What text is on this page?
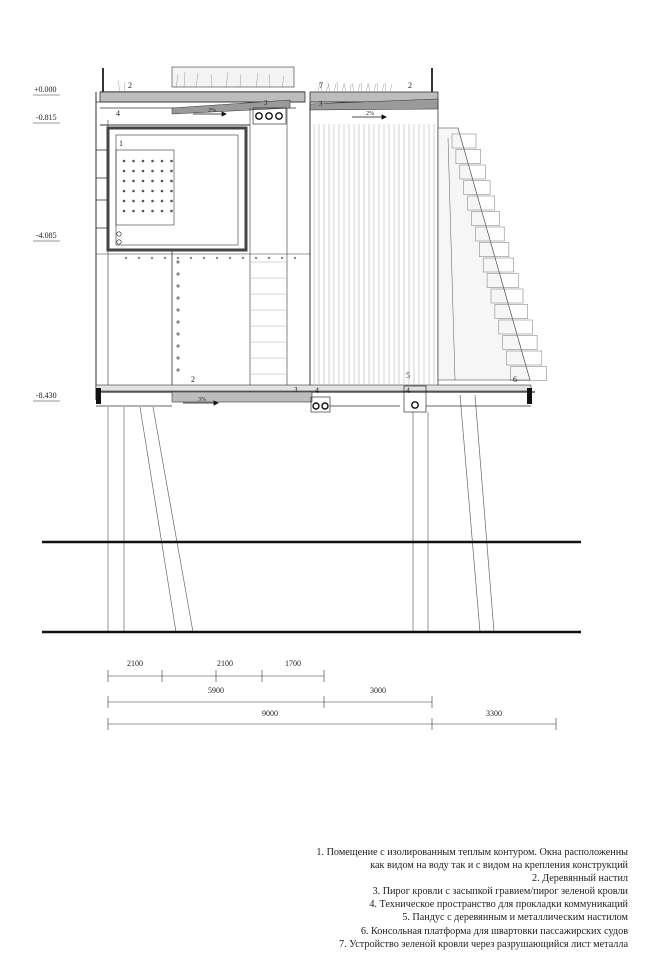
+0.000
-0.815
-4.085
-8.430
2%	2%
3%
1
2	2
2
3	3
3
4
4	4
5	6
7
2100	2100	1700
5900	3000
9000	3300
1. Помещение с изолированным теплым контуром. Окна расположенны
как видом на воду так и с видом на крепления конструкций
2. Деревянный настил
3. Пирог кровли с засыпкой гравием/пирог зеленой кровли
4. Техническое пространство для прокладки коммуникаций
5. Пандус с деревянным и металлическим настилом
6. Консольная платформа для швартовки пассажирских судов
7. Устройство зеленой кровли через разрушающийся лист металла
